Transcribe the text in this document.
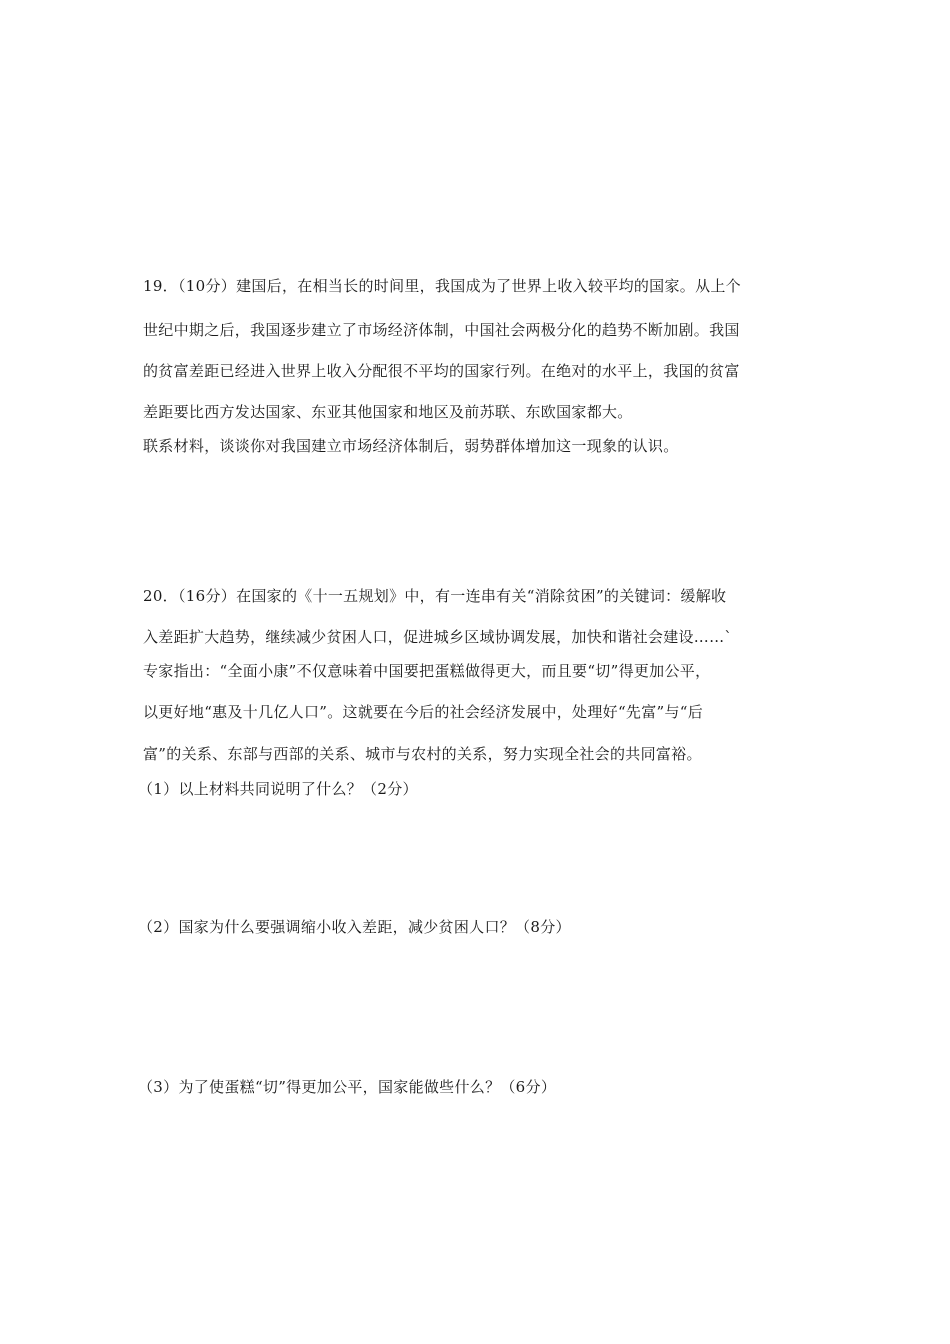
19．（10分）建国后，在相当长的时间里，我国成为了世界上收入较平均的国家。从上个
世纪中期之后，我国逐步建立了市场经济体制，中国社会两极分化的趋势不断加剧。我国
的贫富差距已经进入世界上收入分配很不平均的国家行列。在绝对的水平上，我国的贫富
差距要比西方发达国家、东亚其他国家和地区及前苏联、东欧国家都大。
联系材料，谈谈你对我国建立市场经济体制后，弱势群体增加这一现象的认识。
20．（16分）在国家的《十一五规划》中，有一连串有关“消除贫困”的关键词：缓解收
入差距扩大趋势，继续减少贫困人口，促进城乡区域协调发展，加快和谐社会建设……`
专家指出：“全面小康”不仅意味着中国要把蛋糕做得更大，而且要“切”得更加公平，
以更好地“惠及十几亿人口”。这就要在今后的社会经济发展中，处理好“先富”与“后
富”的关系、东部与西部的关系、城市与农村的关系，努力实现全社会的共同富裕。
（1）以上材料共同说明了什么？（2分）
（2）国家为什么要强调缩小收入差距，减少贫困人口？（8分）
（3）为了使蛋糕“切”得更加公平，国家能做些什么？（6分）
